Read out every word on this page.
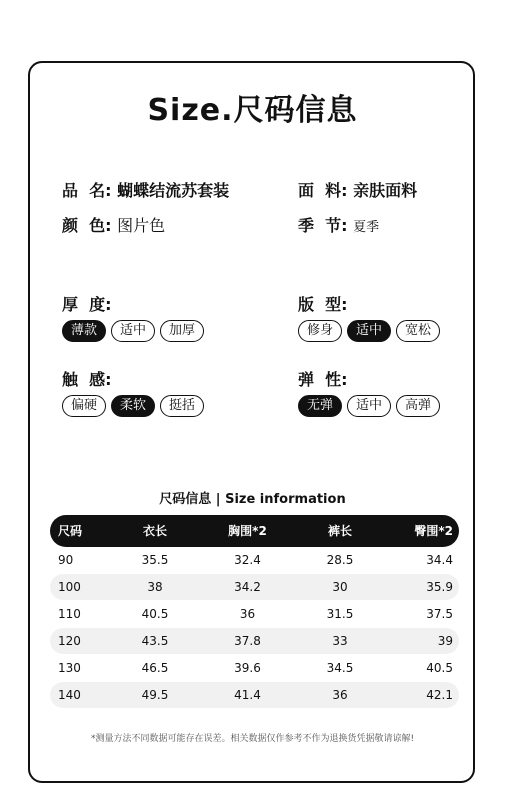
Size.尺码信息
品  名: 蝴蝶结流苏套装	面  料: 亲肤面料
颜  色: 图片色	季  节: 夏季
厚  度:
薄款	适中	加厚
版  型:
修身	适中	宽松
触  感:
偏硬	柔软	挺括
弹  性:
无弹	适中	高弹
尺码信息 | Size information
尺码	衣长	胸围*2	裤长	臀围*2
90	35.5	32.4	28.5	34.4
100	38	34.2	30	35.9
110	40.5	36	31.5	37.5
120	43.5	37.8	33	39
130	46.5	39.6	34.5	40.5
140	49.5	41.4	36	42.1
*测量方法不同数据可能存在误差。相关数据仅作参考不作为退换货凭据敬请谅解!
